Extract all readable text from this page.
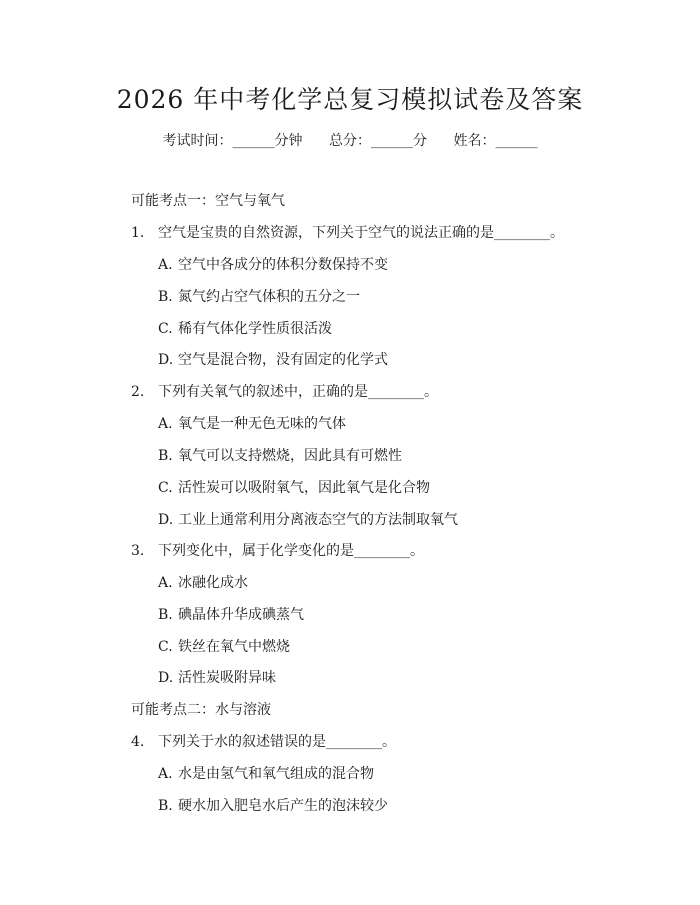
2026 年中考化学总复习模拟试卷及答案
考试时间：______分钟 总分：______分 姓名：______
可能考点一：空气与氧气
1. 空气是宝贵的自然资源，下列关于空气的说法正确的是________。
A. 空气中各成分的体积分数保持不变
B. 氮气约占空气体积的五分之一
C. 稀有气体化学性质很活泼
D. 空气是混合物，没有固定的化学式
2. 下列有关氧气的叙述中，正确的是________。
A. 氧气是一种无色无味的气体
B. 氧气可以支持燃烧，因此具有可燃性
C. 活性炭可以吸附氧气，因此氧气是化合物
D. 工业上通常利用分离液态空气的方法制取氧气
3. 下列变化中，属于化学变化的是________。
A. 冰融化成水
B. 碘晶体升华成碘蒸气
C. 铁丝在氧气中燃烧
D. 活性炭吸附异味
可能考点二：水与溶液
4. 下列关于水的叙述错误的是________。
A. 水是由氢气和氧气组成的混合物
B. 硬水加入肥皂水后产生的泡沫较少
